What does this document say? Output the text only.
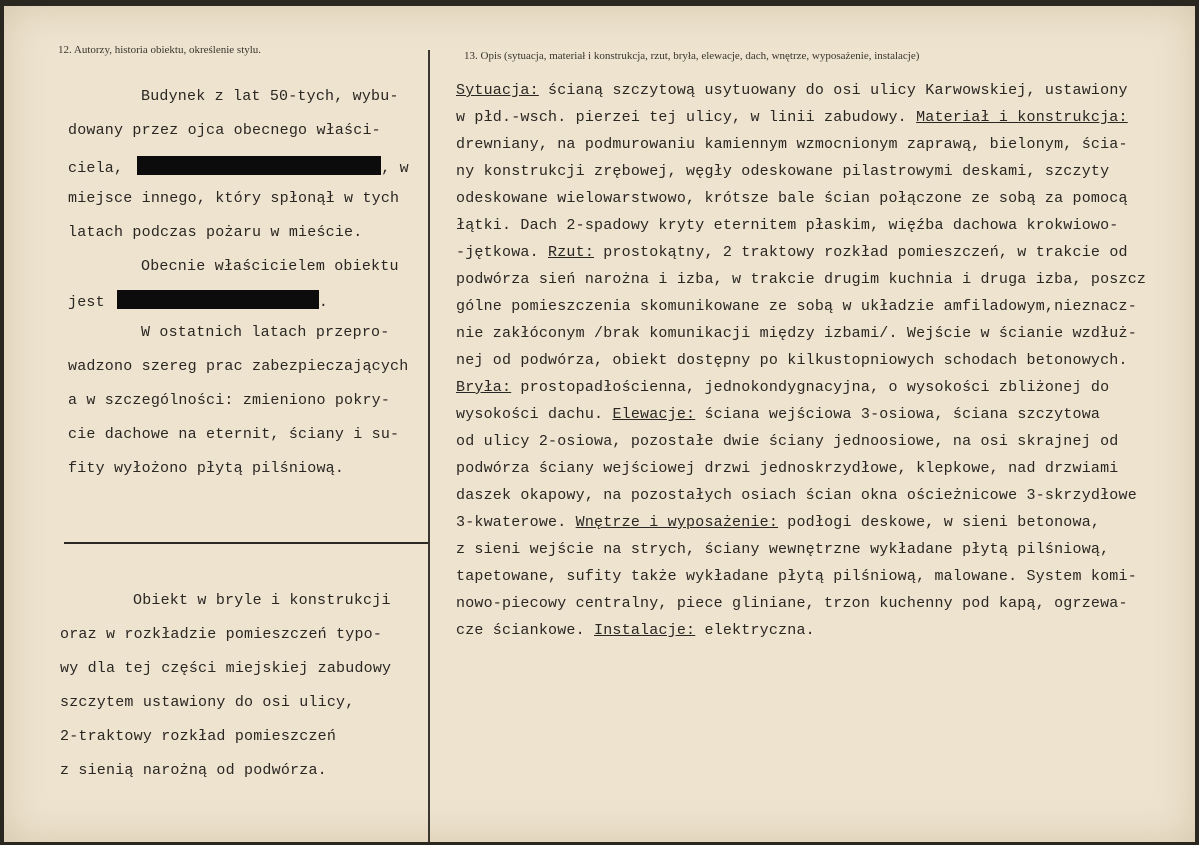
12. Autorzy, historia obiektu, określenie stylu.	13. Opis (sytuacja, materiał i konstrukcja, rzut, bryła, elewacje, dach, wnętrze, wyposażenie, instalacje)
Budynek z lat 50-tych, wybu-
dowany przez ojca obecnego właści-
ciela,	, w
miejsce innego, który spłonął w tych
latach podczas pożaru w mieście.
Obecnie właścicielem obiektu
jest	.
W ostatnich latach przepro-
wadzono szereg prac zabezpieczających
a w szczególności: zmieniono pokry-
cie dachowe na eternit, ściany i su-
fity wyłożono płytą pilśniową.
Obiekt w bryle i konstrukcji
oraz w rozkładzie pomieszczeń typo-
wy dla tej części miejskiej zabudowy
szczytem ustawiony do osi ulicy,
2-traktowy rozkład pomieszczeń
z sienią narożną od podwórza.
Sytuacja: ścianą szczytową usytuowany do osi ulicy Karwowskiej, ustawiony
w płd.-wsch. pierzei tej ulicy, w linii zabudowy. Materiał i konstrukcja:
drewniany, na podmurowaniu kamiennym wzmocnionym zaprawą, bielonym, ścia-
ny konstrukcji zrębowej, węgły odeskowane pilastrowymi deskami, szczyty
odeskowane wielowarstwowo, krótsze bale ścian połączone ze sobą za pomocą
łątki. Dach 2-spadowy kryty eternitem płaskim, więźba dachowa krokwiowo-
-jętkowa. Rzut: prostokątny, 2 traktowy rozkład pomieszczeń, w trakcie od
podwórza sień narożna i izba, w trakcie drugim kuchnia i druga izba, poszcz
gólne pomieszczenia skomunikowane ze sobą w układzie amfiladowym,nieznacz-
nie zakłóconym /brak komunikacji między izbami/. Wejście w ścianie wzdłuż-
nej od podwórza, obiekt dostępny po kilkustopniowych schodach betonowych.
Bryła: prostopadłościenna, jednokondygnacyjna, o wysokości zbliżonej do
wysokości dachu. Elewacje: ściana wejściowa 3-osiowa, ściana szczytowa
od ulicy 2-osiowa, pozostałe dwie ściany jednoosiowe, na osi skrajnej od
podwórza ściany wejściowej drzwi jednoskrzydłowe, klepkowe, nad drzwiami
daszek okapowy, na pozostałych osiach ścian okna ościeżnicowe 3-skrzydłowe
3-kwaterowe. Wnętrze i wyposażenie: podłogi deskowe, w sieni betonowa,
z sieni wejście na strych, ściany wewnętrzne wykładane płytą pilśniową,
tapetowane, sufity także wykładane płytą pilśniową, malowane. System komi-
nowo-piecowy centralny, piece gliniane, trzon kuchenny pod kapą, ogrzewa-
cze ściankowe. Instalacje: elektryczna.
